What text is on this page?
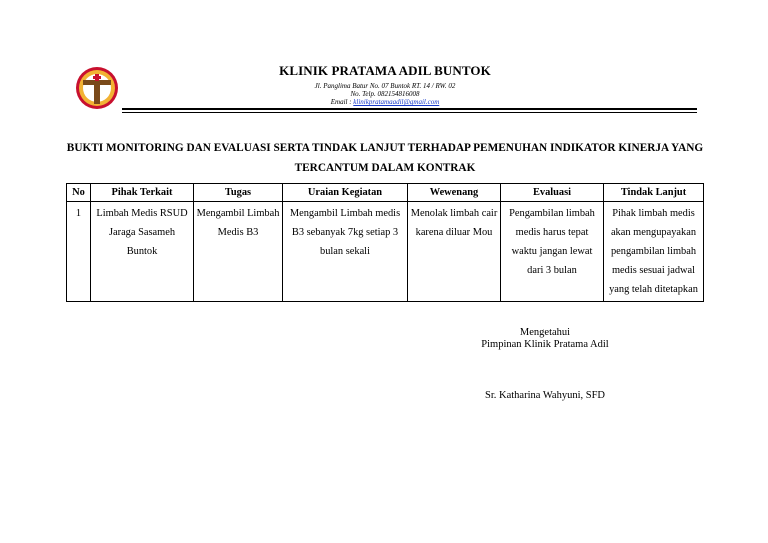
KLINIK PRATAMA ADIL BUNTOK
Jl. Panglima Batur No. 07 Buntok RT. 14 / RW. 02
No. Telp. 082154816008
Email : klinikpratamaadil@gmail.com
BUKTI MONITORING DAN EVALUASI SERTA TINDAK LANJUT TERHADAP PEMENUHAN INDIKATOR KINERJA YANG
TERCANTUM DALAM KONTRAK
No	Pihak Terkait	Tugas	Uraian Kegiatan	Wewenang	Evaluasi	Tindak Lanjut
1	Limbah Medis RSUD Jaraga Sasameh Buntok	Mengambil Limbah Medis B3	Mengambil Limbah medis B3 sebanyak 7kg setiap 3 bulan sekali	Menolak limbah cair karena diluar Mou	Pengambilan limbah medis harus tepat waktu jangan lewat dari 3 bulan	Pihak limbah medis akan mengupayakan pengambilan limbah medis sesuai jadwal yang telah ditetapkan
Mengetahui
Pimpinan Klinik Pratama Adil
Sr. Katharina Wahyuni, SFD
